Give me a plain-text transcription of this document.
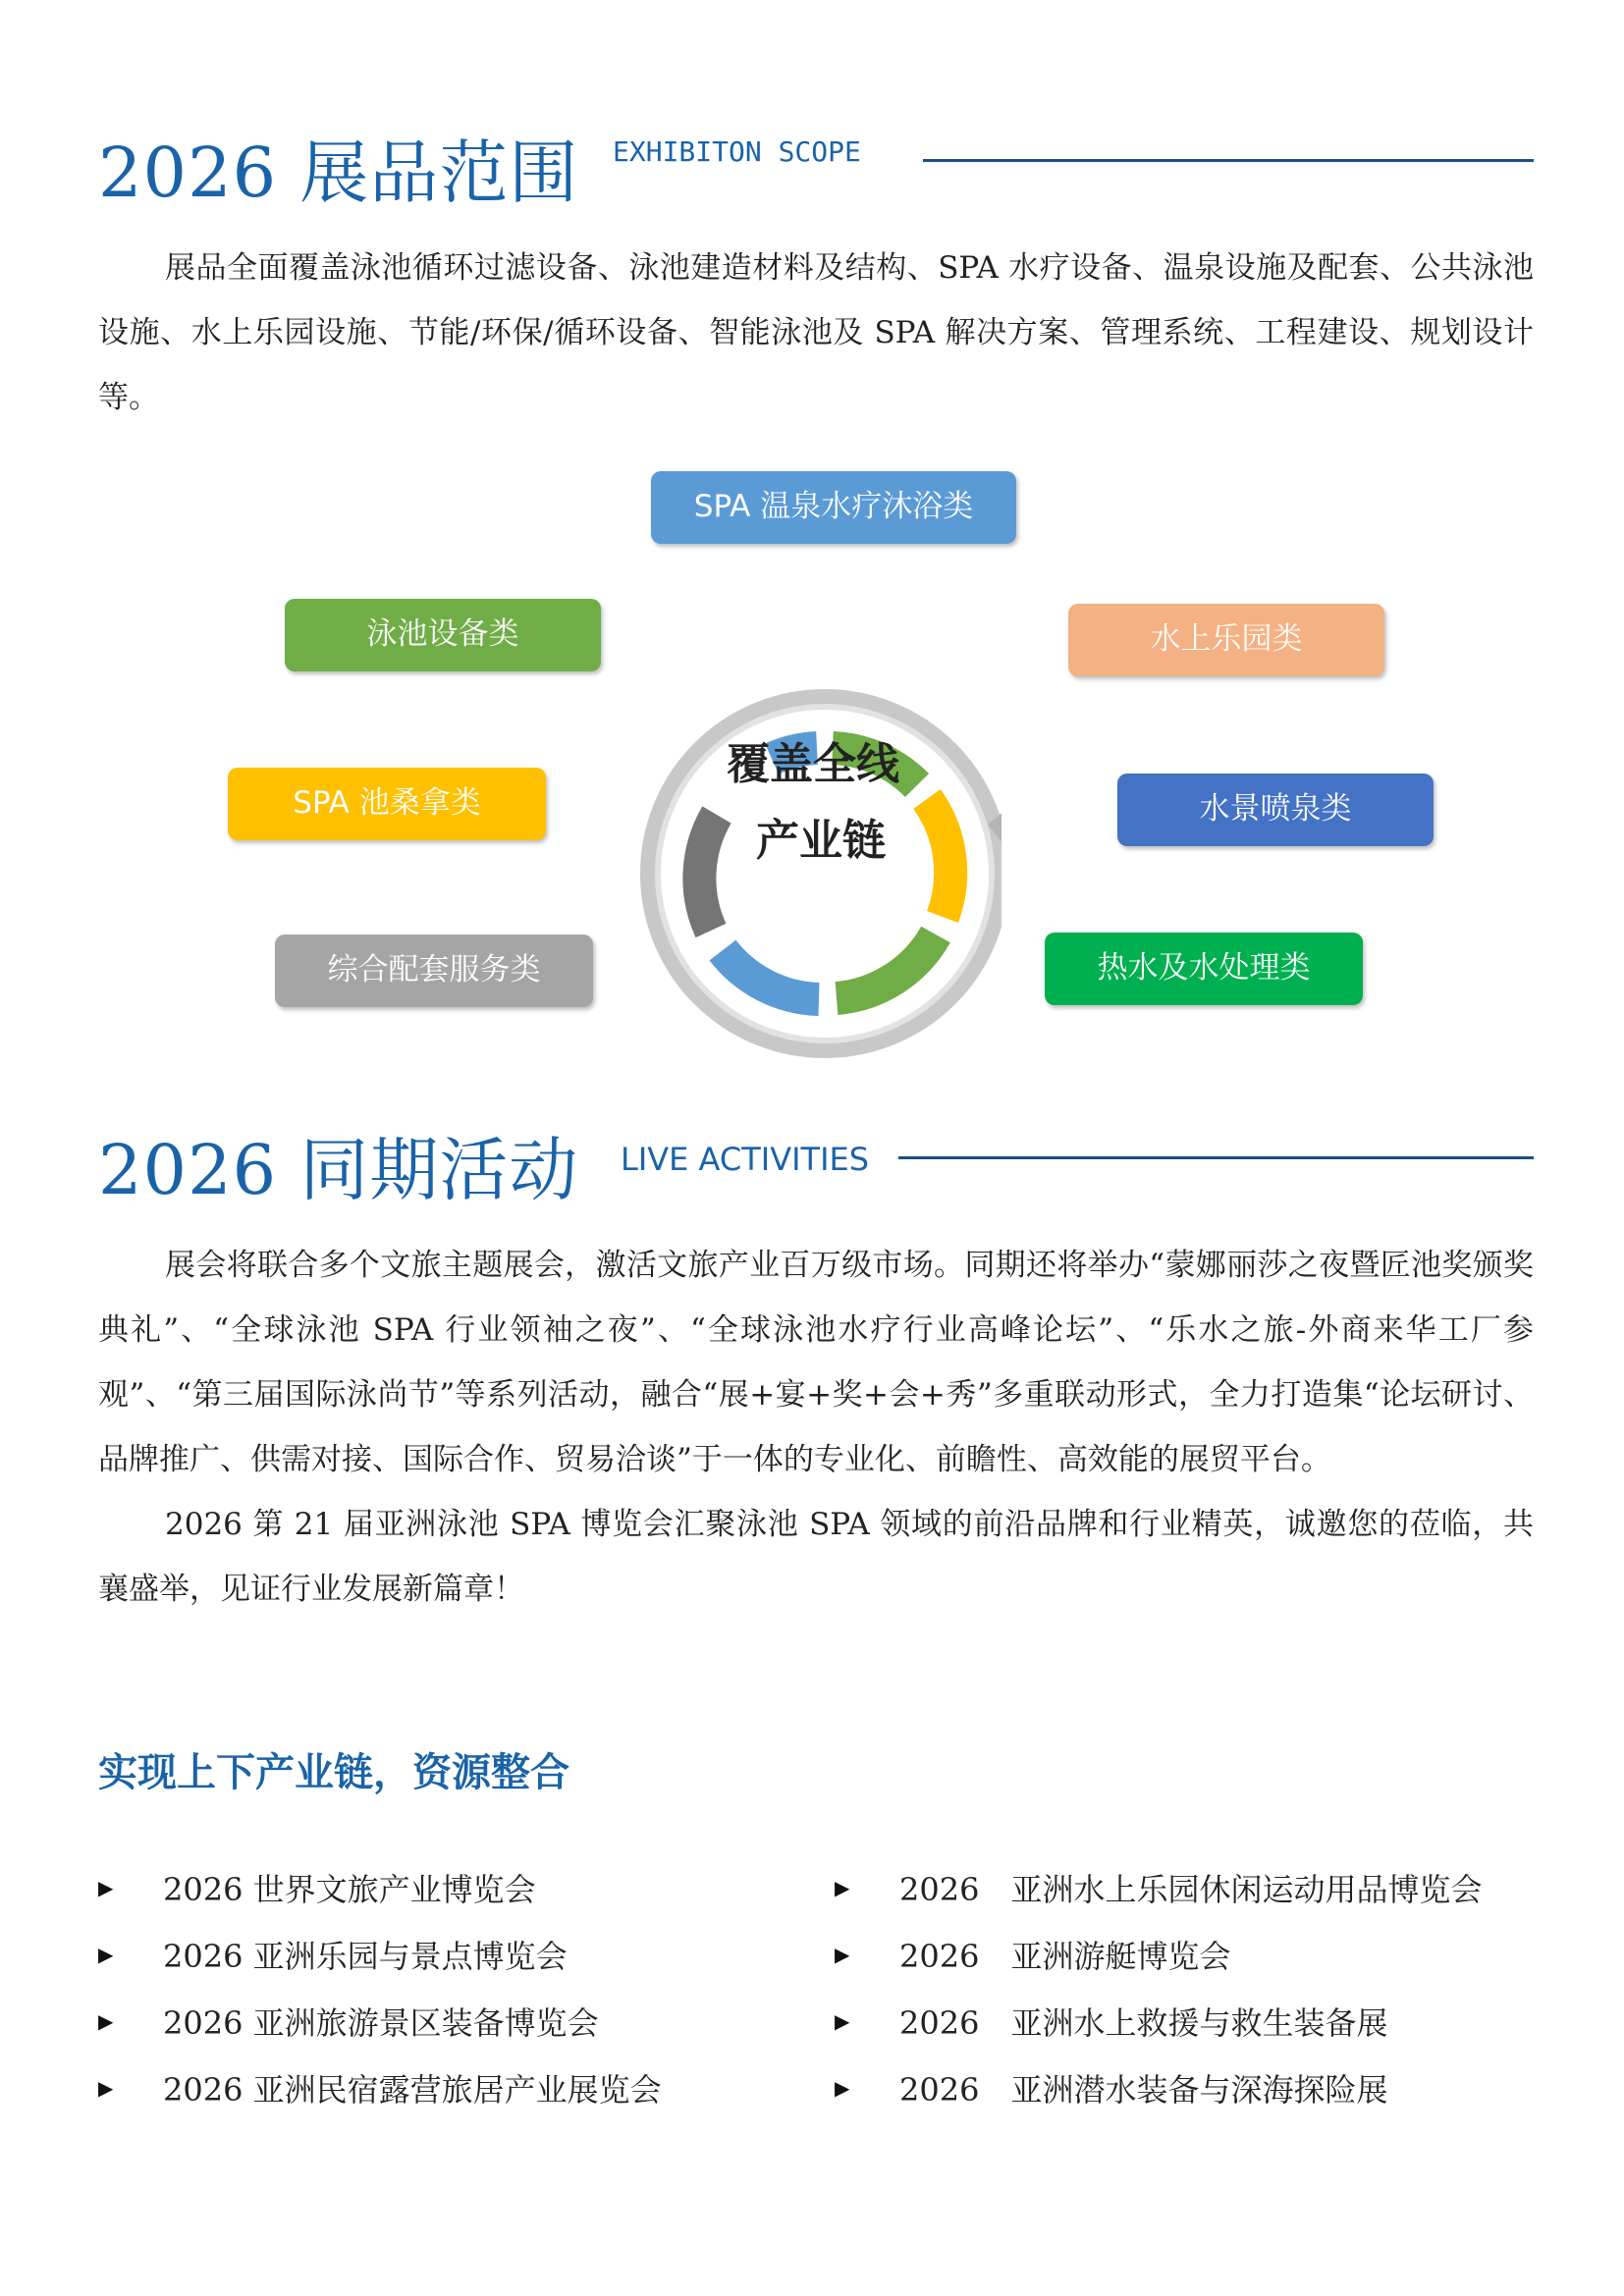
2026 展品范围 EXHIBITON SCOPE

展品全面覆盖泳池循环过滤设备、泳池建造材料及结构、SPA 水疗设备、温泉设施及配套、公共泳池设施、水上乐园设施、节能/环保/循环设备、智能泳池及 SPA 解决方案、管理系统、工程建设、规划设计等。

覆盖全线
产业链
SPA 温泉水疗沐浴类
泳池设备类	水上乐园类
SPA 池桑拿类	水景喷泉类
综合配套服务类	热水及水处理类
2026 同期活动 LIVE ACTIVITIES

展会将联合多个文旅主题展会，激活文旅产业百万级市场。同期还将举办“蒙娜丽莎之夜暨匠池奖颁奖典礼”、“全球泳池 SPA 行业领袖之夜”、“全球泳池水疗行业高峰论坛”、“乐水之旅-外商来华工厂参观”、“第三届国际泳尚节”等系列活动，融合“展+宴+奖+会+秀”多重联动形式，全力打造集“论坛研讨、品牌推广、供需对接、国际合作、贸易洽谈”于一体的专业化、前瞻性、高效能的展贸平台。

2026 第 21 届亚洲泳池 SPA 博览会汇聚泳池 SPA 领域的前沿品牌和行业精英，诚邀您的莅临，共襄盛举，见证行业发展新篇章！

实现上下产业链，资源整合
▶	2026 世界文旅产业博览会
▶	2026 亚洲乐园与景点博览会
▶	2026 亚洲旅游景区装备博览会
▶	2026 亚洲民宿露营旅居产业展览会
▶	2026　亚洲水上乐园休闲运动用品博览会
▶	2026　亚洲游艇博览会
▶	2026　亚洲水上救援与救生装备展
▶	2026　亚洲潜水装备与深海探险展
